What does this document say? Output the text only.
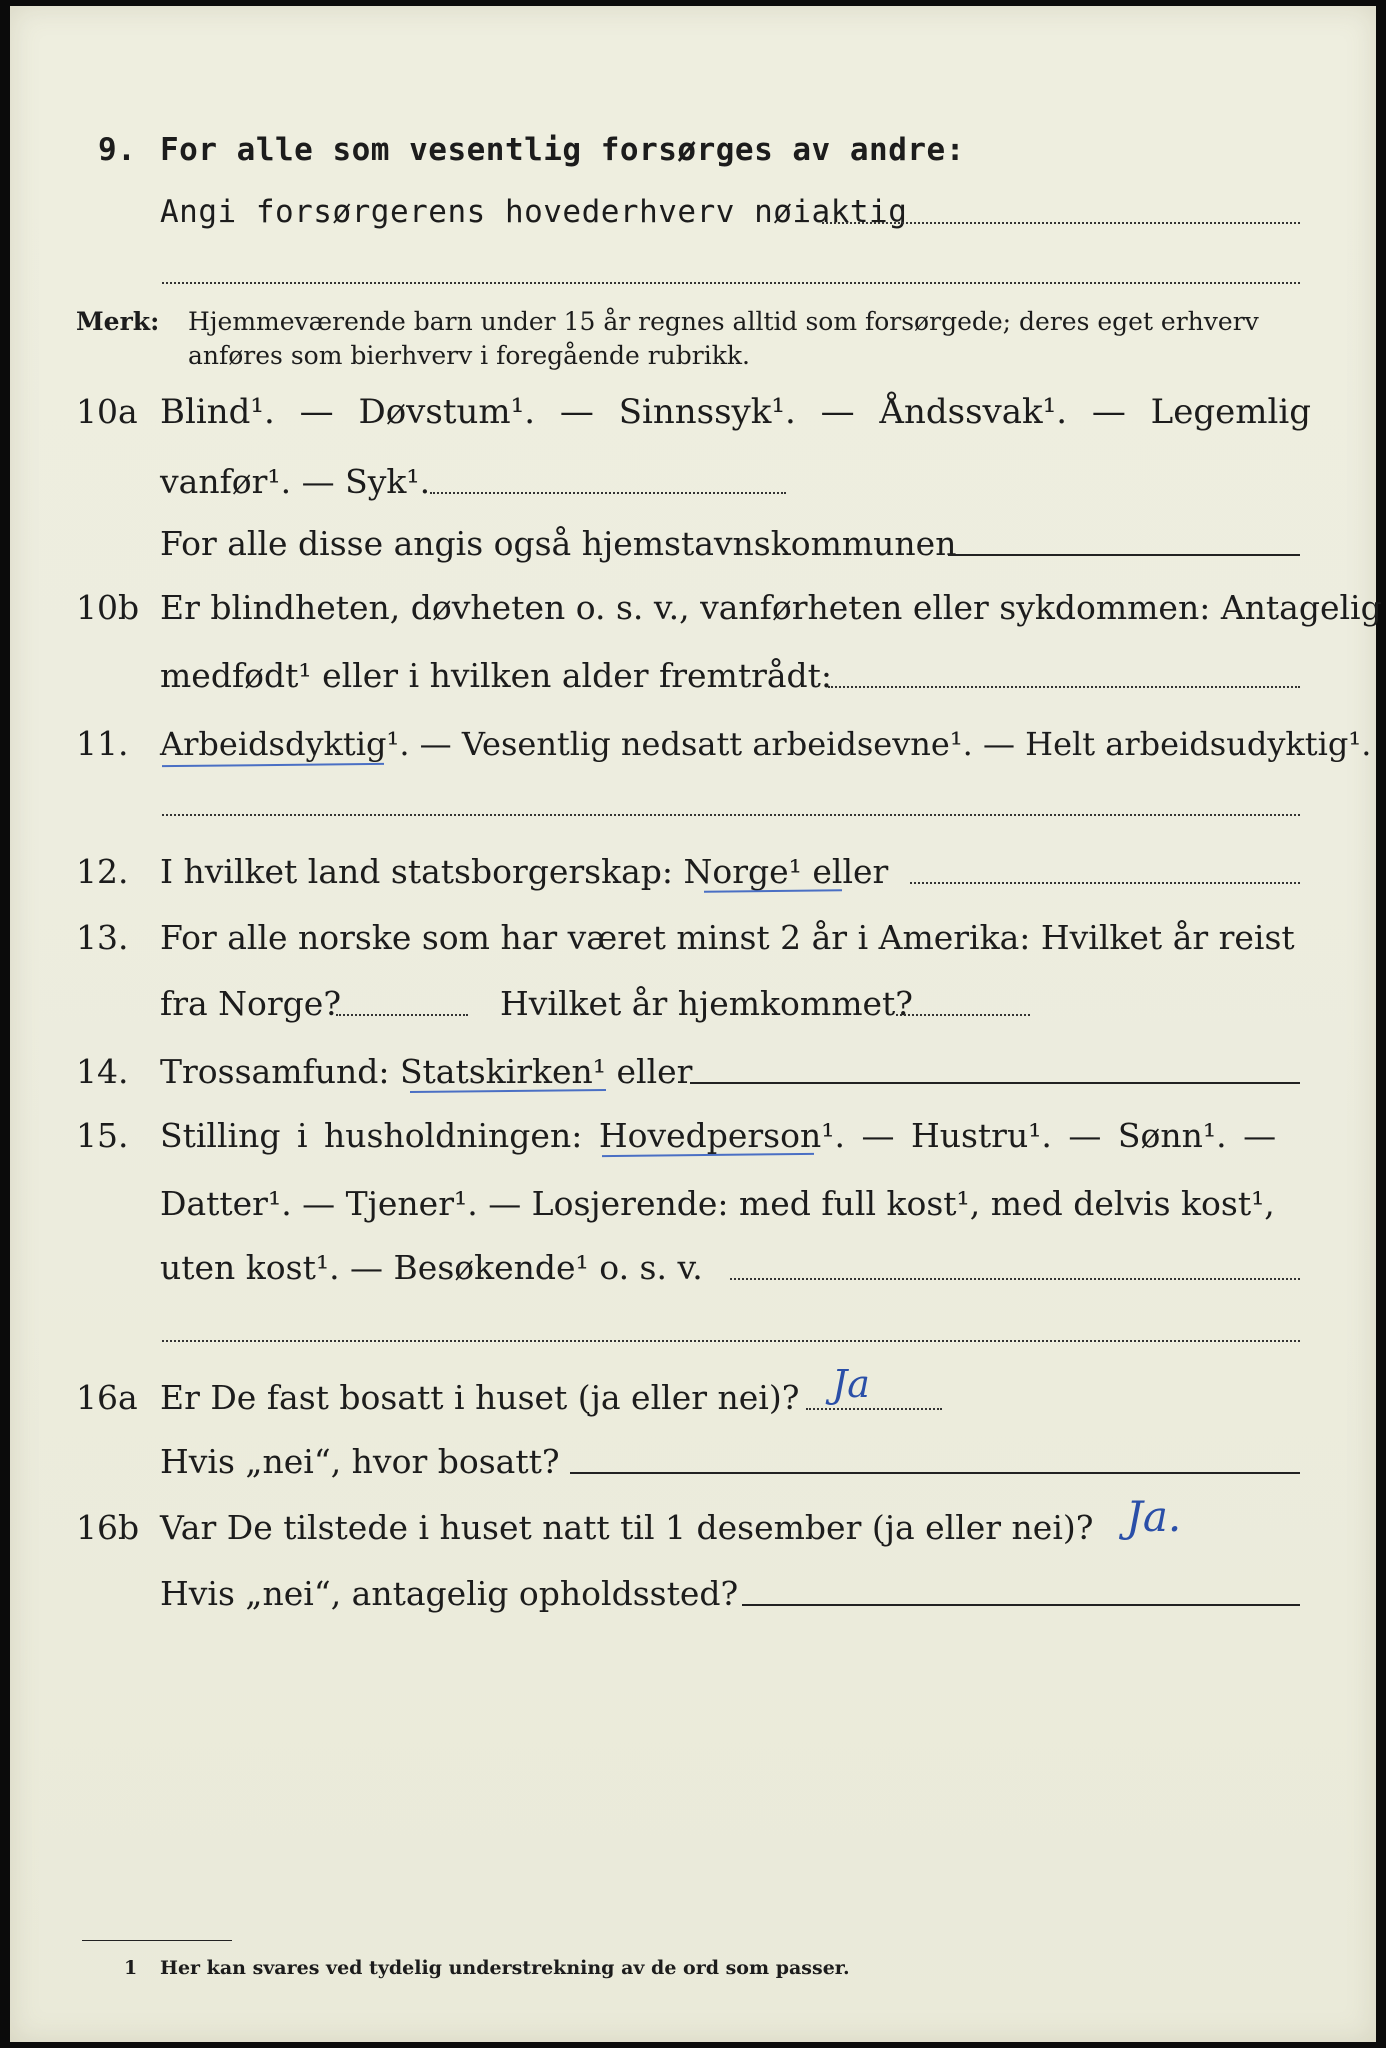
9. For alle som vesentlig forsørges av andre:
Angi forsørgerens hovederhverv nøiaktig
Merk: Hjemmeværende barn under 15 år regnes alltid som forsørgede; deres eget erhverv
anføres som bierhverv i foregående rubrikk.
10a Blind¹. — Døvstum¹. — Sinnssyk¹. — Åndssvak¹. — Legemlig
vanfør¹. — Syk¹.
For alle disse angis også hjemstavnskommunen
10b Er blindheten, døvheten o. s. v., vanførheten eller sykdommen: Antagelig
medfødt¹ eller i hvilken alder fremtrådt:
11. Arbeidsdyktig¹. — Vesentlig nedsatt arbeidsevne¹. — Helt arbeidsudyktig¹.
12. I hvilket land statsborgerskap: Norge¹ eller
13. For alle norske som har været minst 2 år i Amerika: Hvilket år reist
fra Norge?	Hvilket år hjemkommet?
14. Trossamfund: Statskirken¹ eller
15. Stilling i husholdningen: Hovedperson¹. — Hustru¹. — Sønn¹. —
Datter¹. — Tjener¹. — Losjerende: med full kost¹, med delvis kost¹,
uten kost¹. — Besøkende¹ o. s. v.
16a Er De fast bosatt i huset (ja eller nei)? Ja
Hvis „nei“, hvor bosatt?
16b Var De tilstede i huset natt til 1 desember (ja eller nei)? Ja.
Hvis „nei“, antagelig opholdssted?
1 Her kan svares ved tydelig understrekning av de ord som passer.
